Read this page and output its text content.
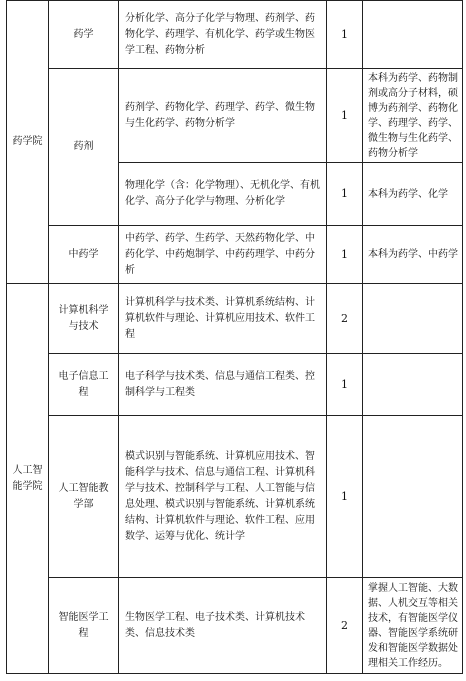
药学院	药学	分析化学、高分子化学与物理、药剂学、药物化学、药理学、有机化学、药学或生物医学工程、药物分析	1	
	药剂	药剂学、药物化学、药理学、药学、微生物与生化药学、药物分析学	1	本科为药学、药物制剂或高分子材料，硕博为药剂学、药物化学、药理学、药学、微生物与生化药学、药物分析学
		物理化学（含：化学物理）、无机化学、有机化学、高分子化学与物理、分析化学	1	本科为药学、化学
	中药学	中药学、药学、生药学、天然药物化学、中药化学、中药炮制学、中药药理学、中药分析	1	本科为药学、中药学
人工智能学院	计算机科学与技术	计算机科学与技术类、计算机系统结构、计算机软件与理论、计算机应用技术、软件工程	2	
	电子信息工程	电子科学与技术类、信息与通信工程类、控制科学与工程类	1	
	人工智能教学部	模式识别与智能系统、计算机应用技术、智能科学与技术、信息与通信工程、计算机科学与技术、控制科学与工程、人工智能与信息处理、模式识别与智能系统、计算机系统结构、计算机软件与理论、软件工程、应用数学、运筹与优化、统计学	1	
	智能医学工程	生物医学工程、电子技术类、计算机技术类、信息技术类	2	掌握人工智能、大数据、人机交互等相关技术，有智能医学仪器、智能医学系统研发和智能医学数据处理相关工作经历。
